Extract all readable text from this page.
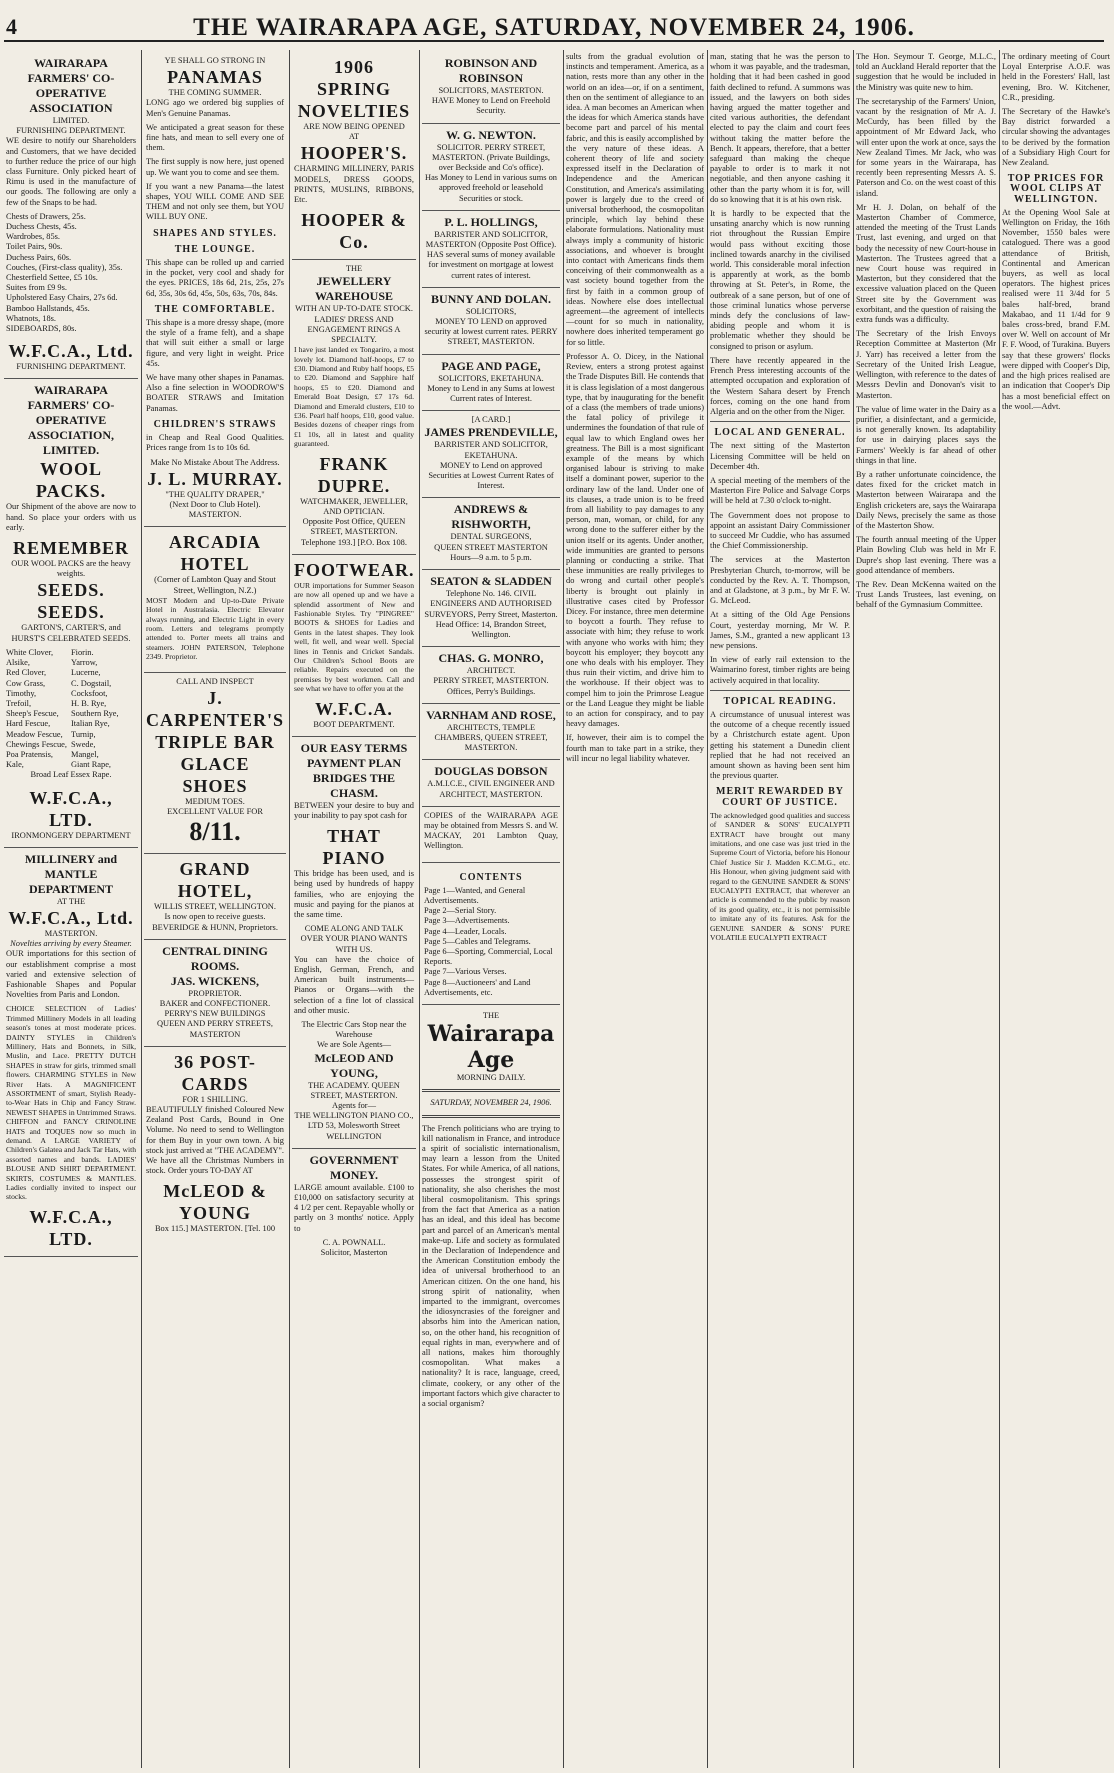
4	THE WAIRARAPA AGE, SATURDAY, NOVEMBER 24, 1906.
WAIRARAPA FARMERS' CO-OPERATIVE ASSOCIATION
LIMITED.
FURNISHING DEPARTMENT.

WE desire to notify our Shareholders and Customers, that we have decided to further reduce the price of our high class Furniture. Only picked heart of Rimu is used in the manufacture of our goods. The following are only a few of the Snaps to be had.

Chests of Drawers, 25s.
Duchess Chests, 45s.
Wardrobes, 85s.
Toilet Pairs, 90s.
Duchess Pairs, 60s.
Couches, (First-class quality), 35s.
Chesterfield Settee, £5 10s.
Suites from £9 9s.
Upholstered Easy Chairs, 27s 6d.
Bamboo Hallstands, 45s.
Whatnots, 18s.
SIDEBOARDS, 80s.
W.F.C.A., Ltd.
FURNISHING DEPARTMENT.
WAIRARAPA FARMERS' CO-OPERATIVE ASSOCIATION, LIMITED.
WOOL PACKS.

Our Shipment of the above are now to hand. So place your orders with us early.

REMEMBER
OUR WOOL PACKS are the heavy weights.
SEEDS. SEEDS.
GARTON'S, CARTER'S, and HURST'S CELEBRATED SEEDS.
White Clover,	Fiorin.
Alsike,	Yarrow,
Red Clover,	Lucerne,
Cow Grass,	C. Dogstail,
Timothy,	Cocksfoot,
Trefoil,	H. B. Rye,
Sheep's Fescue,	Southern Rye,
Hard Fescue,	Italian Rye,
Meadow Fescue, Turnip,
Chewings Fescue, Swede,
Poa Pratensis,	Mangel,
Kale,	Giant Rape,
Broad Leaf Essex Rape.
W.F.C.A., LTD.
IRONMONGERY DEPARTMENT
MILLINERY and MANTLE DEPARTMENT
AT THE
W.F.C.A., Ltd.
MASTERTON.
Novelties arriving by every Steamer.

OUR importations for this section of our establishment comprise a most varied and extensive selection of Fashionable Shapes and Popular Novelties from Paris and London.

CHOICE SELECTION of Ladies' Trimmed Millinery Models in all leading season's tones at most moderate prices. DAINTY STYLES in Children's Millinery, Hats and Bonnets, in Silk, Muslin, and Lace. PRETTY DUTCH SHAPES in straw for girls, trimmed small flowers. CHARMING STYLES in New River Hats. A MAGNIFICENT ASSORTMENT of smart, Stylish Ready-to-Wear Hats in Chip and Fancy Straw. NEWEST SHAPES in Untrimmed Straws. CHIFFON and FANCY CRINOLINE HATS and TOQUES now so much in demand. A LARGE VARIETY of Children's Galatea and Jack Tar Hats, with assorted names and bands. LADIES' BLOUSE AND SHIRT DEPARTMENT. SKIRTS, COSTUMES & MANTLES. Ladies cordially invited to inspect our stocks.

W.F.C.A., LTD.
YE SHALL GO STRONG IN
PANAMAS
THE COMING SUMMER.

LONG ago we ordered big supplies of Men's Genuine Panamas.

We anticipated a great season for these fine hats, and mean to sell every one of them.

The first supply is now here, just opened up. We want you to come and see them.

If you want a new Panama—the latest shapes, YOU WILL COME AND SEE THEM and not only see them, but YOU WILL BUY ONE.

SHAPES AND STYLES.
THE LOUNGE.

This shape can be rolled up and carried in the pocket, very cool and shady for the eyes. PRICES, 18s 6d, 21s, 25s, 27s 6d, 35s, 30s 6d, 45s, 50s, 63s, 70s, 84s.

THE COMFORTABLE.

This shape is a more dressy shape, (more the style of a frame felt), and a shape that will suit either a small or large figure, and very light in weight. Price 45s.

We have many other shapes in Panamas. Also a fine selection in WOODROW'S BOATER STRAWS and Imitation Panamas.

CHILDREN'S STRAWS

in Cheap and Real Good Qualities. Prices range from 1s to 10s 6d.

Make No Mistake About The Address.
J. L. MURRAY.
"THE QUALITY DRAPER,"
(Next Door to Club Hotel).
MASTERTON.
ARCADIA HOTEL
(Corner of Lambton Quay and Stout Street, Wellington, N.Z.)

MOST Modern and Up-to-Date Private Hotel in Australasia. Electric Elevator always running, and Electric Light in every room. Letters and telegrams promptly attended to. Porter meets all trains and steamers. JOHN PATERSON, Telephone 2349. Proprietor.

CALL AND INSPECT
J. CARPENTER'S
TRIPLE BAR
GLACE
SHOES
MEDIUM TOES.
EXCELLENT VALUE FOR
8/11.
GRAND HOTEL,
WILLIS STREET, WELLINGTON.
Is now open to receive guests.
BEVERIDGE & HUNN, Proprietors.
CENTRAL DINING ROOMS.
JAS. WICKENS,
PROPRIETOR.
BAKER and CONFECTIONER.
PERRY'S NEW BUILDINGS
QUEEN AND PERRY STREETS,
MASTERTON
36 POST-CARDS
FOR 1 SHILLING.

BEAUTIFULLY finished Coloured New Zealand Post Cards, Bound in One Volume. No need to send to Wellington for them Buy in your own town. A big stock just arrived at "THE ACADEMY". We have all the Christmas Numbers in stock. Order yours TO-DAY AT

McLEOD & YOUNG
Box 115.] MASTERTON. [Tel. 100
1906
SPRING
NOVELTIES
ARE NOW BEING OPENED
AT
HOOPER'S.

CHARMING MILLINERY, PARIS MODELS, DRESS GOODS, PRINTS, MUSLINS, RIBBONS, Etc.

HOOPER & Co.
THE
JEWELLERY WAREHOUSE
WITH AN UP-TO-DATE STOCK.
LADIES' DRESS AND ENGAGEMENT RINGS A SPECIALTY.

I have just landed ex Tongariro, a most lovely lot. Diamond half-hoops, £7 to £30. Diamond and Ruby half hoops, £5 to £20. Diamond and Sapphire half hoops, £5 to £20. Diamond and Emerald Boat Design, £7 17s 6d. Diamond and Emerald clusters, £10 to £36. Pearl half hoops, £10, good value. Besides dozens of cheaper rings from £1 10s, all in latest and quality guaranteed.

FRANK DUPRE.
WATCHMAKER, JEWELLER, AND OPTICIAN.
Opposite Post Office, QUEEN STREET, MASTERTON.
Telephone 193.] [P.O. Box 108.
FOOTWEAR.

OUR importations for Summer Season are now all opened up and we have a splendid assortment of New and Fashionable Styles. Try "PINGREE" BOOTS & SHOES for Ladies and Gents in the latest shapes. They look well, fit well, and wear well. Special lines in Tennis and Cricket Sandals. Our Children's School Boots are reliable. Repairs executed on the premises by best workmen. Call and see what we have to offer you at the

W.F.C.A.
BOOT DEPARTMENT.
OUR EASY TERMS PAYMENT PLAN BRIDGES THE CHASM.

BETWEEN your desire to buy and your inability to pay spot cash for

THAT PIANO

This bridge has been used, and is being used by hundreds of happy families, who are enjoying the music and paying for the pianos at the same time.

COME ALONG AND TALK OVER YOUR PIANO WANTS WITH US.

You can have the choice of English, German, French, and American built instruments—Pianos or Organs—with the selection of a fine lot of classical and other music.

The Electric Cars Stop near the Warehouse
We are Sole Agents—
McLEOD AND YOUNG,
THE ACADEMY. QUEEN STREET, MASTERTON.
Agents for—
THE WELLINGTON PIANO CO., LTD 53, Molesworth Street WELLINGTON
GOVERNMENT MONEY.

LARGE amount available. £100 to £10,000 on satisfactory security at 4 1/2 per cent. Repayable wholly or partly on 3 months' notice. Apply to

C. A. POWNALL.
Solicitor, Masterton
ROBINSON AND ROBINSON
SOLICITORS, MASTERTON.
HAVE Money to Lend on Freehold Security.
W. G. NEWTON.
SOLICITOR. PERRY STREET, MASTERTON. (Private Buildings, over Beckside and Co's office).
Has Money to Lend in various sums on approved freehold or leasehold Securities or stock.
P. L. HOLLINGS,
BARRISTER AND SOLICITOR, MASTERTON (Opposite Post Office).
HAS several sums of money available for investment on mortgage at lowest current rates of interest.
BUNNY AND DOLAN.
SOLICITORS,
MONEY TO LEND on approved security at lowest current rates. PERRY STREET, MASTERTON.
PAGE AND PAGE,
SOLICITORS, EKETAHUNA.
Money to Lend in any Sums at lowest Current rates of Interest.
[A CARD.]
JAMES PRENDEVILLE,
BARRISTER AND SOLICITOR, EKETAHUNA.
MONEY to Lend on approved Securities at Lowest Current Rates of Interest.
ANDREWS & RISHWORTH,
DENTAL SURGEONS,
QUEEN STREET MASTERTON
Hours—9 a.m. to 5 p.m.
SEATON & SLADDEN
Telephone No. 146. CIVIL ENGINEERS AND AUTHORISED SURVEYORS, Perry Street, Masterton. Head Office: 14, Brandon Street, Wellington.
CHAS. G. MONRO,
ARCHITECT.
PERRY STREET, MASTERTON. Offices, Perry's Buildings.
VARNHAM AND ROSE,
ARCHITECTS, TEMPLE CHAMBERS, QUEEN STREET, MASTERTON.
DOUGLAS DOBSON
A.M.I.C.E., CIVIL ENGINEER AND ARCHITECT, MASTERTON.

COPIES of the WAIRARAPA AGE may be obtained from Messrs S. and W. MACKAY, 201 Lambton Quay, Wellington.

CONTENTS
Page 1—Wanted, and General Advertisements.
Page 2—Serial Story.
Page 3—Advertisements.
Page 4—Leader, Locals.
Page 5—Cables and Telegrams.
Page 6—Sporting, Commercial, Local Reports.
Page 7—Various Verses.
Page 8—Auctioneers' and Land Advertisements, etc.
THE
Wairarapa Age
MORNING DAILY.
SATURDAY, NOVEMBER 24, 1906.

The French politicians who are trying to kill nationalism in France, and introduce a spirit of socialistic internationalism, may learn a lesson from the United States. For while America, of all nations, possesses the strongest spirit of nationality, she also cherishes the most liberal cosmopolitanism. This springs from the fact that America as a nation has an ideal, and this ideal has become part and parcel of an American's mental make-up. Life and society as formulated in the Declaration of Independence and the American Constitution embody the idea of universal brotherhood to an American citizen. On the one hand, his strong spirit of nationality, when imparted to the immigrant, overcomes the idiosyncrasies of the foreigner and absorbs him into the American nation, so, on the other hand, his recognition of equal rights in man, everywhere and of all nations, makes him thoroughly cosmopolitan. What makes a nationality? It is race, language, creed, climate, cookery, or any other of the important factors which give character to a social organism?

sults from the gradual evolution of instincts and temperament. America, as a nation, rests more than any other in the world on an idea—or, if on a sentiment, then on the sentiment of allegiance to an idea. A man becomes an American when the ideas for which America stands have become part and parcel of his mental fabric, and this is easily accomplished by the very nature of these ideas. A coherent theory of life and society expressed itself in the Declaration of Independence and the American Constitution, and America's assimilating power is largely due to the creed of universal brotherhood, the cosmopolitan principle, which lay behind these elaborate formulations. Nationality must always imply a community of historic associations, and whoever is brought into contact with Americans finds them conceiving of their commonwealth as a vast society bound together from the first by faith in a common group of ideas. Nowhere else does intellectual agreement—the agreement of intellects—count for so much in nationality, nowhere does inherited temperament go for so little.

Professor A. O. Dicey, in the National Review, enters a strong protest against the Trade Disputes Bill. He contends that it is class legislation of a most dangerous type, that by inaugurating for the benefit of a class (the members of trade unions) the fatal policy of privilege it undermines the foundation of that rule of equal law to which England owes her greatness. The Bill is a most significant example of the means by which organised labour is striving to make itself a dominant power, superior to the ordinary law of the land. Under one of its clauses, a trade union is to be freed from all liability to pay damages to any person, man, woman, or child, for any wrong done to the sufferer either by the union itself or its agents. Under another, wide immunities are granted to persons planning or conducting a strike. That these immunities are really privileges to do wrong and curtail other people's liberty is brought out plainly in illustrative cases cited by Professor Dicey. For instance, three men determine to boycott a fourth. They refuse to associate with him; they refuse to work with anyone who works with him; they boycott his employer; they boycott any one who deals with his employer. They thus ruin their victim, and drive him to the workhouse. If their object was to compel him to join the Primrose League or the Land League they might be liable to an action for conspiracy, and to pay heavy damages.

If, however, their aim is to compel the fourth man to take part in a strike, they will incur no legal liability whatever.

man, stating that he was the person to whom it was payable, and the tradesman, holding that it had been cashed in good faith declined to refund. A summons was issued, and the lawyers on both sides having argued the matter together and cited various authorities, the defendant elected to pay the claim and court fees without taking the matter before the Bench. It appears, therefore, that a better safeguard than making the cheque payable to order is to mark it not negotiable, and then anyone cashing it other than the party whom it is for, will do so knowing that it is at his own risk.

It is hardly to be expected that the unsating anarchy which is now running riot throughout the Russian Empire would pass without exciting those inclined towards anarchy in the civilised world. This considerable moral infection is apparently at work, as the bomb throwing at St. Peter's, in Rome, the outbreak of a sane person, but of one of those criminal lunatics whose perverse minds defy the conclusions of law-abiding people and whom it is problematic whether they should be consigned to prison or asylum.

There have recently appeared in the French Press interesting accounts of the attempted occupation and exploration of the Western Sahara desert by French forces, coming on the one hand from Algeria and on the other from the Niger.

LOCAL AND GENERAL.

The next sitting of the Masterton Licensing Committee will be held on December 4th.

A special meeting of the members of the Masterton Fire Police and Salvage Corps will be held at 7.30 o'clock to-night.

The Government does not propose to appoint an assistant Dairy Commissioner to succeed Mr Cuddie, who has assumed the Chief Commissionership.

The services at the Masterton Presbyterian Church, to-morrow, will be conducted by the Rev. A. T. Thompson, and at Gladstone, at 3 p.m., by Mr F. W. G. McLeod.

At a sitting of the Old Age Pensions Court, yesterday morning, Mr W. P. James, S.M., granted a new applicant 13 new pensions.

In view of early rail extension to the Waimarino forest, timber rights are being actively acquired in that locality.

TOPICAL READING.

A circumstance of unusual interest was the outcome of a cheque recently issued by a Christchurch estate agent. Upon getting his statement a Dunedin client replied that he had not received an amount shown as having been sent him the previous quarter.

MERIT REWARDED BY COURT OF JUSTICE.

The acknowledged good qualities and success of SANDER & SONS' EUCALYPTI EXTRACT have brought out many imitations, and one case was just tried in the Supreme Court of Victoria, before his Honour Chief Justice Sir J. Madden K.C.M.G., etc. His Honour, when giving judgment said with regard to the GENUINE SANDER & SONS' EUCALYPTI EXTRACT, that wherever an article is commended to the public by reason of its good quality, etc., it is not permissible to imitate any of its features. Ask for the GENUINE SANDER & SONS' PURE VOLATILE EUCALYPTI EXTRACT

The Hon. Seymour T. George, M.L.C., told an Auckland Herald reporter that the suggestion that he would be included in the Ministry was quite new to him.

The secretaryship of the Farmers' Union, vacant by the resignation of Mr A. J. McCurdy, has been filled by the appointment of Mr Edward Jack, who will enter upon the work at once, says the New Zealand Times. Mr Jack, who was for some years in the Wairarapa, has recently been representing Messrs A. S. Paterson and Co. on the west coast of this island.

Mr H. J. Dolan, on behalf of the Masterton Chamber of Commerce, attended the meeting of the Trust Lands Trust, last evening, and urged on that body the necessity of new Court-house in Masterton. The Trustees agreed that a new Court house was required in Masterton, but they considered that the excessive valuation placed on the Queen Street site by the Government was exorbitant, and the question of raising the extra funds was a difficulty.

The Secretary of the Irish Envoys Reception Committee at Masterton (Mr J. Yarr) has received a letter from the Secretary of the United Irish League, Wellington, with reference to the dates of Messrs Devlin and Donovan's visit to Masterton.

The value of lime water in the Dairy as a purifier, a disinfectant, and a germicide, is not generally known. Its adaptability for use in dairying places says the Farmers' Weekly is far ahead of other things in that line.

By a rather unfortunate coincidence, the dates fixed for the cricket match in Masterton between Wairarapa and the English cricketers are, says the Wairarapa Daily News, precisely the same as those of the Masterton Show.

The fourth annual meeting of the Upper Plain Bowling Club was held in Mr F. Dupre's shop last evening. There was a good attendance of members.

The Rev. Dean McKenna waited on the Trust Lands Trustees, last evening, on behalf of the Gymnasium Committee.

The ordinary meeting of Court Loyal Enterprise A.O.F. was held in the Foresters' Hall, last evening, Bro. W. Kitchener, C.R., presiding.

The Secretary of the Hawke's Bay district forwarded a circular showing the advantages to be derived by the formation of a Subsidiary High Court for New Zealand.

TOP PRICES FOR WOOL CLIPS AT WELLINGTON.

At the Opening Wool Sale at Wellington on Friday, the 16th November, 1550 bales were catalogued. There was a good attendance of British, Continental and American buyers, as well as local operators. The highest prices realised were 11 3/4d for 5 bales half-bred, brand Makabao, and 11 1/4d for 9 bales cross-bred, brand F.M. over W. Well on account of Mr F. F. Wood, of Turakina. Buyers say that these growers' flocks were dipped with Cooper's Dip, and the high prices realised are an indication that Cooper's Dip has a most beneficial effect on the wool.—Advt.
